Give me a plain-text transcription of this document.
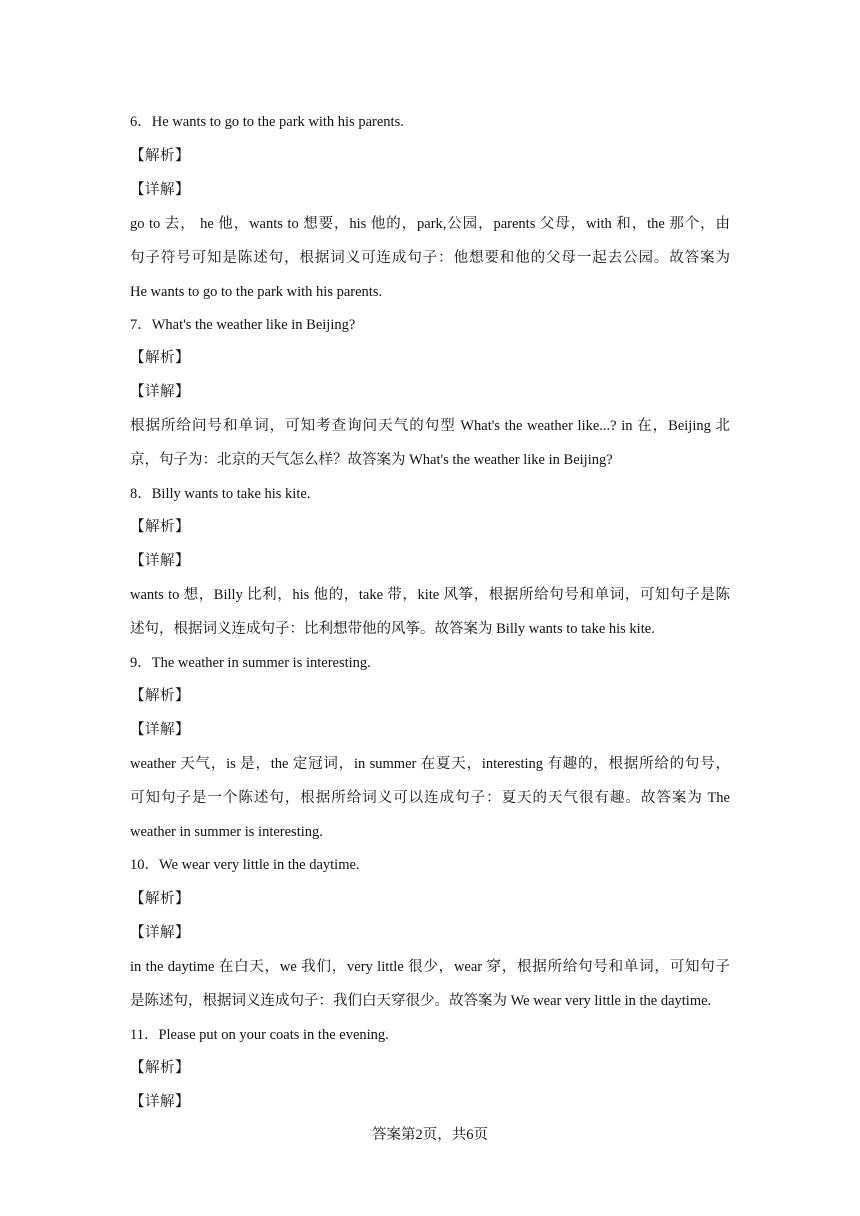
6．He wants to go to the park with his parents.
【解析】
【详解】
go to 去， he 他，wants to 想要，his 他的，park,公园，parents 父母，with 和，the 那个，由
句子符号可知是陈述句，根据词义可连成句子：他想要和他的父母一起去公园。故答案为
He wants to go to the park with his parents.
7．What's the weather like in Beijing?
【解析】
【详解】
根据所给问号和单词，可知考查询问天气的句型 What's the weather like...? in 在，Beijing 北
京，句子为：北京的天气怎么样？故答案为 What's the weather like in Beijing?
8．Billy wants to take his kite.
【解析】
【详解】
wants to 想，Billy 比利，his 他的，take 带，kite 风筝，根据所给句号和单词，可知句子是陈
述句，根据词义连成句子：比利想带他的风筝。故答案为 Billy wants to take his kite.
9．The weather in summer is interesting.
【解析】
【详解】
weather 天气，is 是，the 定冠词，in summer 在夏天，interesting 有趣的，根据所给的句号，
可知句子是一个陈述句，根据所给词义可以连成句子：夏天的天气很有趣。故答案为 The
weather in summer is interesting.
10．We wear very little in the daytime.
【解析】
【详解】
in the daytime 在白天，we 我们，very little 很少，wear 穿，根据所给句号和单词，可知句子
是陈述句，根据词义连成句子：我们白天穿很少。故答案为 We wear very little in the daytime.
11．Please put on your coats in the evening.
【解析】
【详解】
答案第2页，共6页
